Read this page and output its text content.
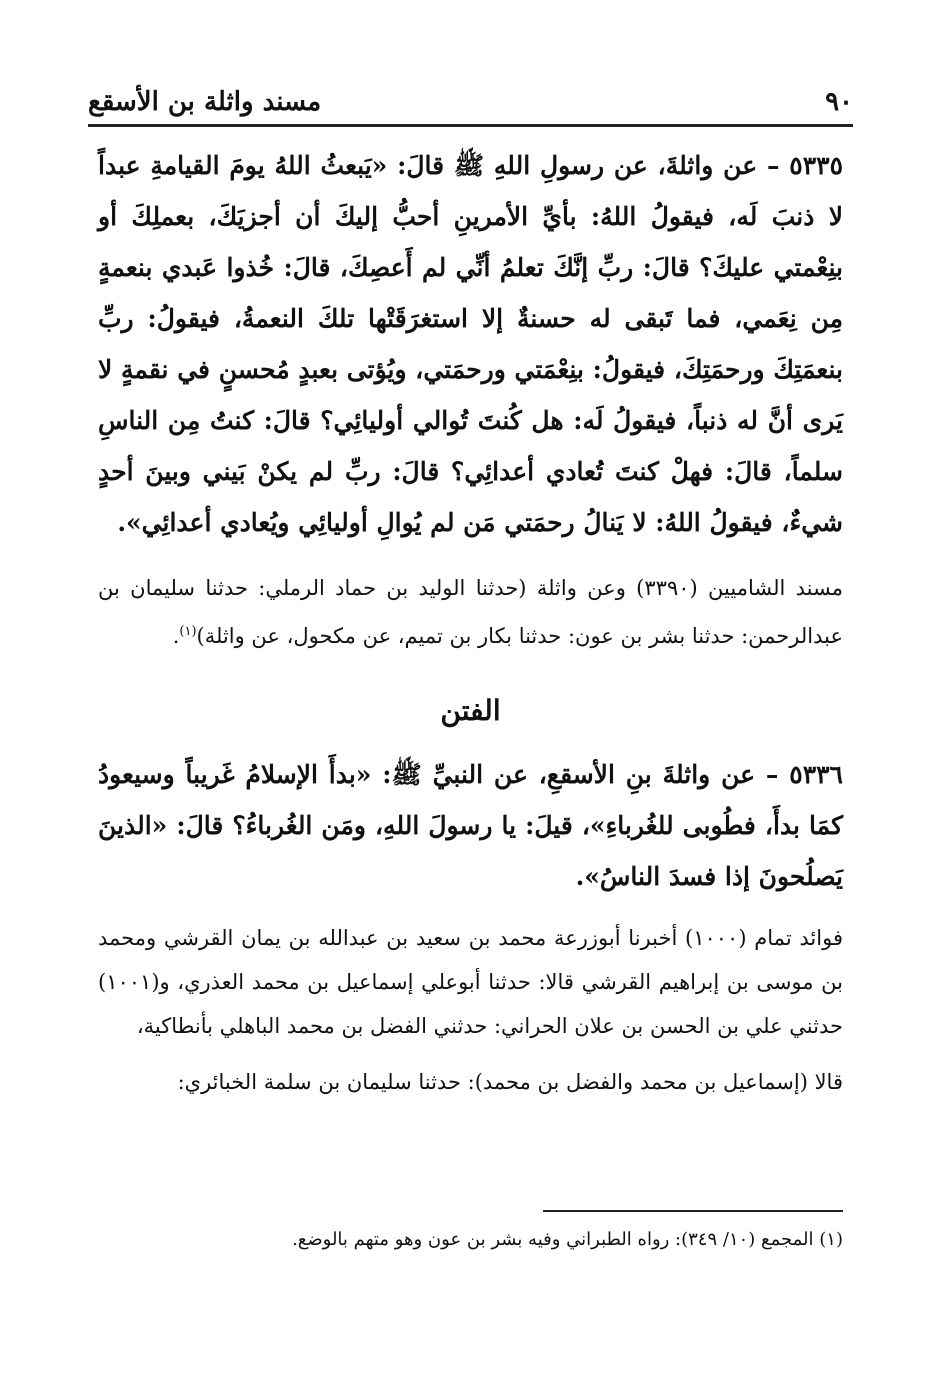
٩٠
مسند واثلة بن الأسقع

٥٣٣٥ – عن واثلةَ، عن رسولِ اللهِ ﷺ قالَ: «يَبعثُ اللهُ يومَ القيامةِ عبداً لا ذنبَ لَه، فيقولُ اللهُ: بأيِّ الأمرينِ أحبُّ إليكَ أن أجزيَكَ، بعملِكَ أو بنِعْمتي عليكَ؟ قالَ: ربِّ إنَّكَ تعلمُ أنِّي لم أَعصِكَ، قالَ: خُذوا عَبدي بنعمةٍ مِن نِعَمي، فما تَبقى له حسنةٌ إلا استغرَقَتْها تلكَ النعمةُ، فيقولُ: ربِّ بنعمَتِكَ ورحمَتِكَ، فيقولُ: بنِعْمَتي ورحمَتي، ويُؤتى بعبدٍ مُحسنٍ في نقمةٍ لا يَرى أنَّ له ذنباً، فيقولُ لَه: هل كُنتَ تُوالي أوليائِي؟ قالَ: كنتُ مِن الناسِ سلماً، قالَ: فهلْ كنتَ تُعادي أعدائِي؟ قالَ: ربِّ لم يكنْ بَيني وبينَ أحدٍ شيءٌ، فيقولُ اللهُ: لا يَنالُ رحمَتي مَن لم يُوالِ أوليائِي ويُعادي أعدائِي».

مسند الشاميين (٣٣٩٠) وعن واثلة (حدثنا الوليد بن حماد الرملي: حدثنا سليمان بن عبدالرحمن: حدثنا بشر بن عون: حدثنا بكار بن تميم، عن مكحول، عن واثلة)$^{(١)}$.

الفتن

٥٣٣٦ – عن واثلةَ بنِ الأسقعِ، عن النبيِّ ﷺ: «بدأَ الإسلامُ غَريباً وسيعودُ كمَا بدأَ، فطُوبى للغُرباءِ»، قيلَ: يا رسولَ اللهِ، ومَن الغُرباءُ؟ قالَ: «الذينَ يَصلُحونَ إذا فسدَ الناسُ».

فوائد تمام (١٠٠٠) أخبرنا أبوزرعة محمد بن سعيد بن عبدالله بن يمان القرشي ومحمد بن موسى بن إبراهيم القرشي قالا: حدثنا أبوعلي إسماعيل بن محمد العذري، و(١٠٠١) حدثني علي بن الحسن بن علان الحراني: حدثني الفضل بن محمد الباهلي بأنطاكية،

قالا (إسماعيل بن محمد والفضل بن محمد): حدثنا سليمان بن سلمة الخبائري:

(١) المجمع (١٠/ ٣٤٩): رواه الطبراني وفيه بشر بن عون وهو متهم بالوضع.
